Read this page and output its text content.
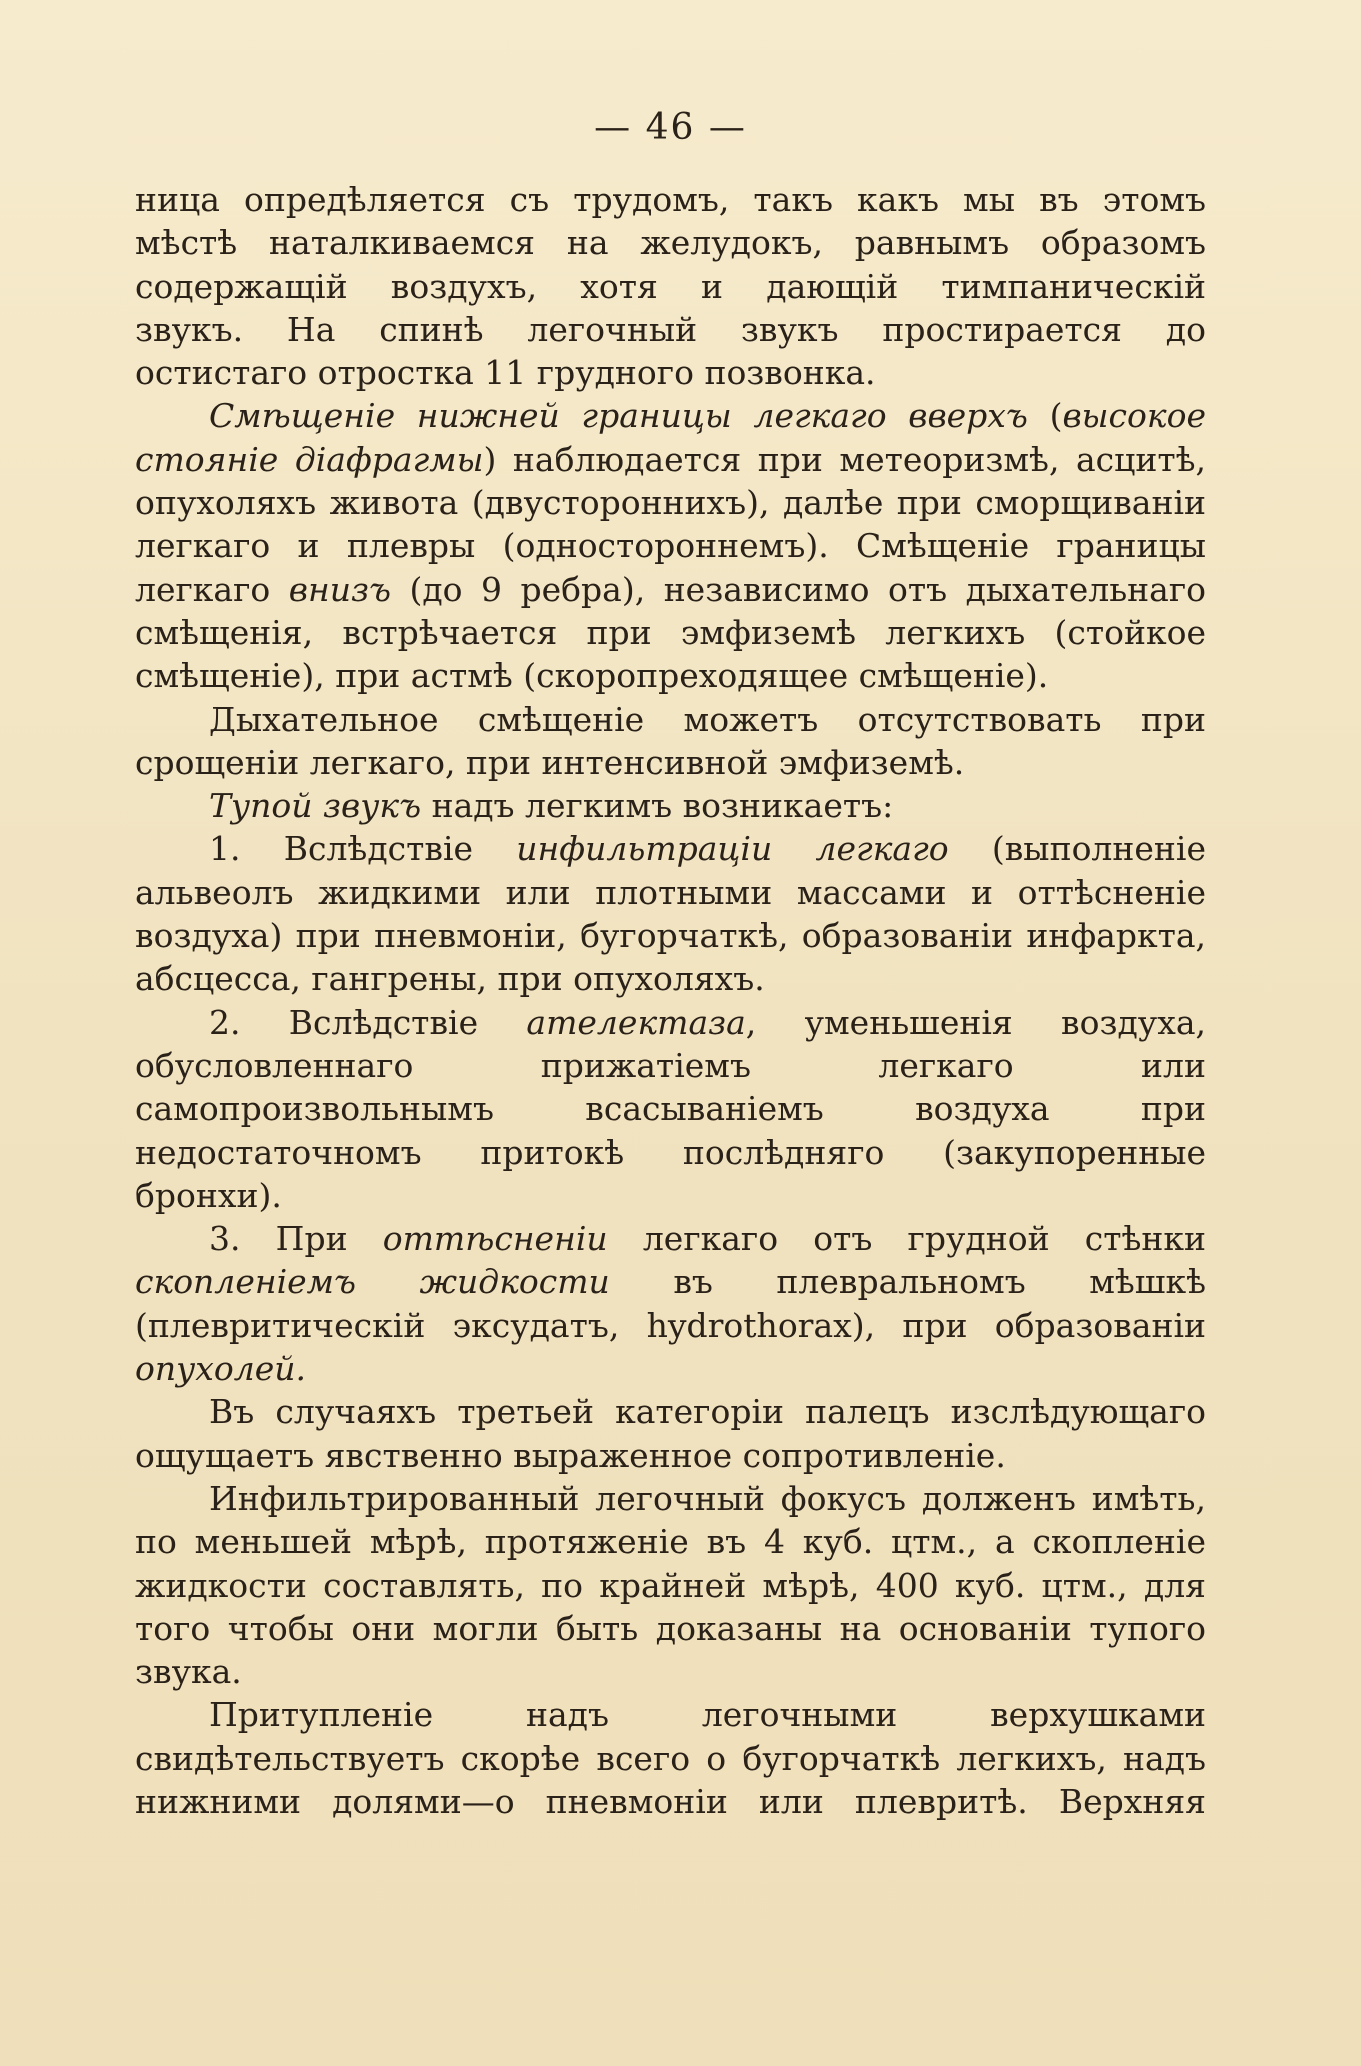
— 46 —

ница опредѣляется съ трудомъ, такъ какъ мы въ этомъ

мѣстѣ наталкиваемся на желудокъ, равнымъ образомъ

содержащій воздухъ, хотя и дающій тимпаническій

звукъ. На спинѣ легочный звукъ простирается до

остистаго отростка 11 грудного позвонка.

Смѣщеніе нижней границы легкаго вверхъ (высокое стояніе діафрагмы) наблюдается при метеоризмѣ, асцитѣ, опухоляхъ живота (двустороннихъ), далѣе при сморщиваніи легкаго и плевры (одностороннемъ). Смѣщеніе границы легкаго внизъ (до 9 ребра), независимо отъ дыхательнаго смѣщенія, встрѣчается при эмфиземѣ легкихъ (стойкое смѣщеніе), при астмѣ (скоропреходящее смѣщеніе).

Дыхательное смѣщеніе можетъ отсутствовать при срощеніи легкаго, при интенсивной эмфиземѣ.

Тупой звукъ надъ легкимъ возникаетъ:

1. Вслѣдствіе инфильтраціи легкаго (выполненіе альвеолъ жидкими или плотными массами и оттѣсненіе воздуха) при пневмоніи, бугорчаткѣ, образованіи инфаркта, абсцесса, гангрены, при опухоляхъ.

2. Вслѣдствіе ателектаза, уменьшенія воздуха, обусловленнаго прижатіемъ легкаго или самопроизвольнымъ всасываніемъ воздуха при недостаточномъ притокѣ послѣдняго (закупоренные бронхи).

3. При оттѣсненіи легкаго отъ грудной стѣнки скопленіемъ жидкости въ плевральномъ мѣшкѣ (плевритическій эксудатъ, hydrothorax), при образованіи опухолей.

Въ случаяхъ третьей категоріи палецъ изслѣдующаго ощущаетъ явственно выраженное сопротивленіе.

Инфильтрированный легочный фокусъ долженъ имѣть, по меньшей мѣрѣ, протяженіе въ 4 куб. цтм., а скопленіе жидкости составлять, по крайней мѣрѣ, 400 куб. цтм., для того чтобы они могли быть доказаны на основаніи тупого звука.

Притупленіе надъ легочными верхушками свидѣтельствуетъ скорѣе всего о бугорчаткѣ легкихъ, надъ нижними долями—о пневмоніи или плевритѣ. Верхняя
